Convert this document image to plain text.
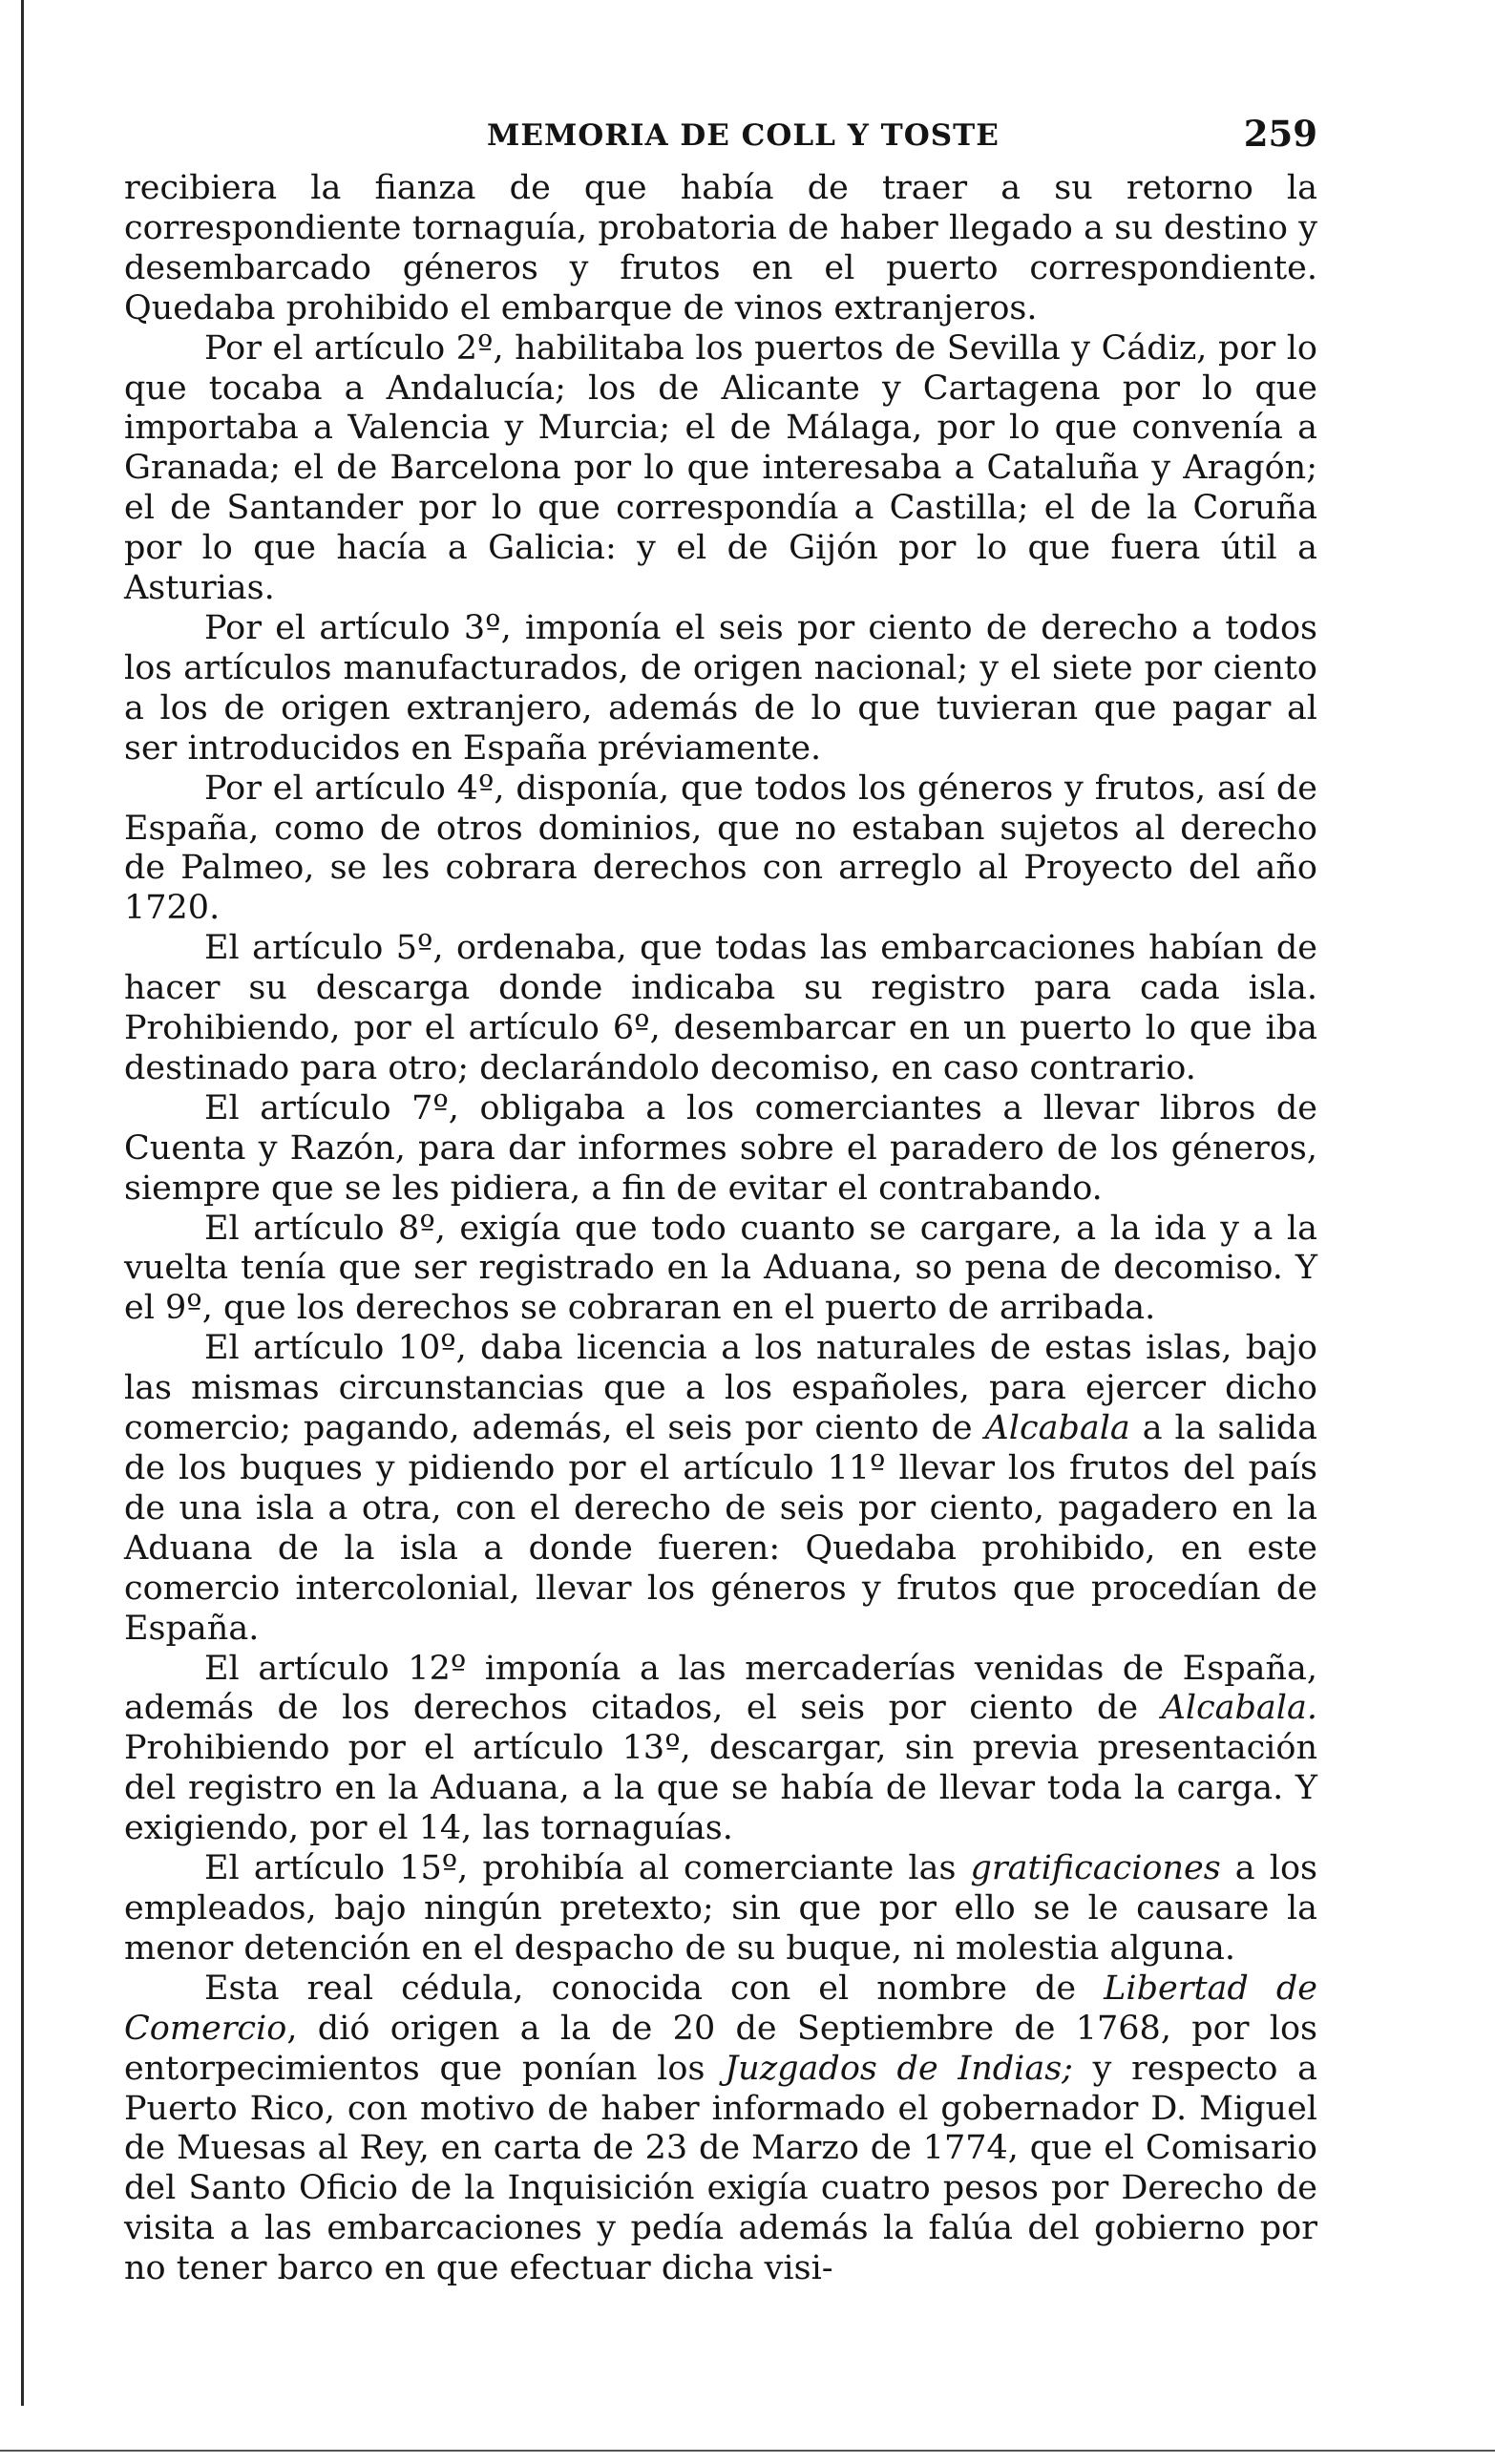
MEMORIA DE COLL Y TOSTE	259

recibiera la fianza de que había de traer a su retorno la correspondiente tornaguía, probatoria de haber llegado a su destino y desembarcado géneros y frutos en el puerto correspondiente. Quedaba prohibido el embarque de vinos extranjeros.

Por el artículo 2º, habilitaba los puertos de Sevilla y Cádiz, por lo que tocaba a Andalucía; los de Alicante y Cartagena por lo que importaba a Valencia y Murcia; el de Málaga, por lo que convenía a Granada; el de Barcelona por lo que interesaba a Cataluña y Aragón; el de Santander por lo que correspondía a Castilla; el de la Coruña por lo que hacía a Galicia: y el de Gijón por lo que fuera útil a Asturias.

Por el artículo 3º, imponía el seis por ciento de derecho a todos los artículos manufacturados, de origen nacional; y el siete por ciento a los de origen extranjero, además de lo que tuvieran que pagar al ser introducidos en España préviamente.

Por el artículo 4º, disponía, que todos los géneros y frutos, así de España, como de otros dominios, que no estaban sujetos al derecho de Palmeo, se les cobrara derechos con arreglo al Proyecto del año 1720.

El artículo 5º, ordenaba, que todas las embarcaciones habían de hacer su descarga donde indicaba su registro para cada isla. Prohibiendo, por el artículo 6º, desembarcar en un puerto lo que iba destinado para otro; declarándolo decomiso, en caso contrario.

El artículo 7º, obligaba a los comerciantes a llevar libros de Cuenta y Razón, para dar informes sobre el paradero de los géneros, siempre que se les pidiera, a fin de evitar el contrabando.

El artículo 8º, exigía que todo cuanto se cargare, a la ida y a la vuelta tenía que ser registrado en la Aduana, so pena de decomiso. Y el 9º, que los derechos se cobraran en el puerto de arribada.

El artículo 10º, daba licencia a los naturales de estas islas, bajo las mismas circunstancias que a los españoles, para ejercer dicho comercio; pagando, además, el seis por ciento de Alcabala a la salida de los buques y pidiendo por el artículo 11º llevar los frutos del país de una isla a otra, con el derecho de seis por ciento, pagadero en la Aduana de la isla a donde fueren: Quedaba prohibido, en este comercio intercolonial, llevar los géneros y frutos que procedían de España.

El artículo 12º imponía a las mercaderías venidas de España, además de los derechos citados, el seis por ciento de Alcabala. Prohibiendo por el artículo 13º, descargar, sin previa presentación del registro en la Aduana, a la que se había de llevar toda la carga. Y exigiendo, por el 14, las tornaguías.

El artículo 15º, prohibía al comerciante las gratificaciones a los empleados, bajo ningún pretexto; sin que por ello se le causare la menor detención en el despacho de su buque, ni molestia alguna.

Esta real cédula, conocida con el nombre de Libertad de Comercio, dió origen a la de 20 de Septiembre de 1768, por los entorpecimientos que ponían los Juzgados de Indias; y respecto a Puerto Rico, con motivo de haber informado el gobernador D. Miguel de Muesas al Rey, en carta de 23 de Marzo de 1774, que el Comisario del Santo Oficio de la Inquisición exigía cuatro pesos por Derecho de visita a las embarcaciones y pedía además la falúa del gobierno por no tener barco en que efectuar dicha visi-
